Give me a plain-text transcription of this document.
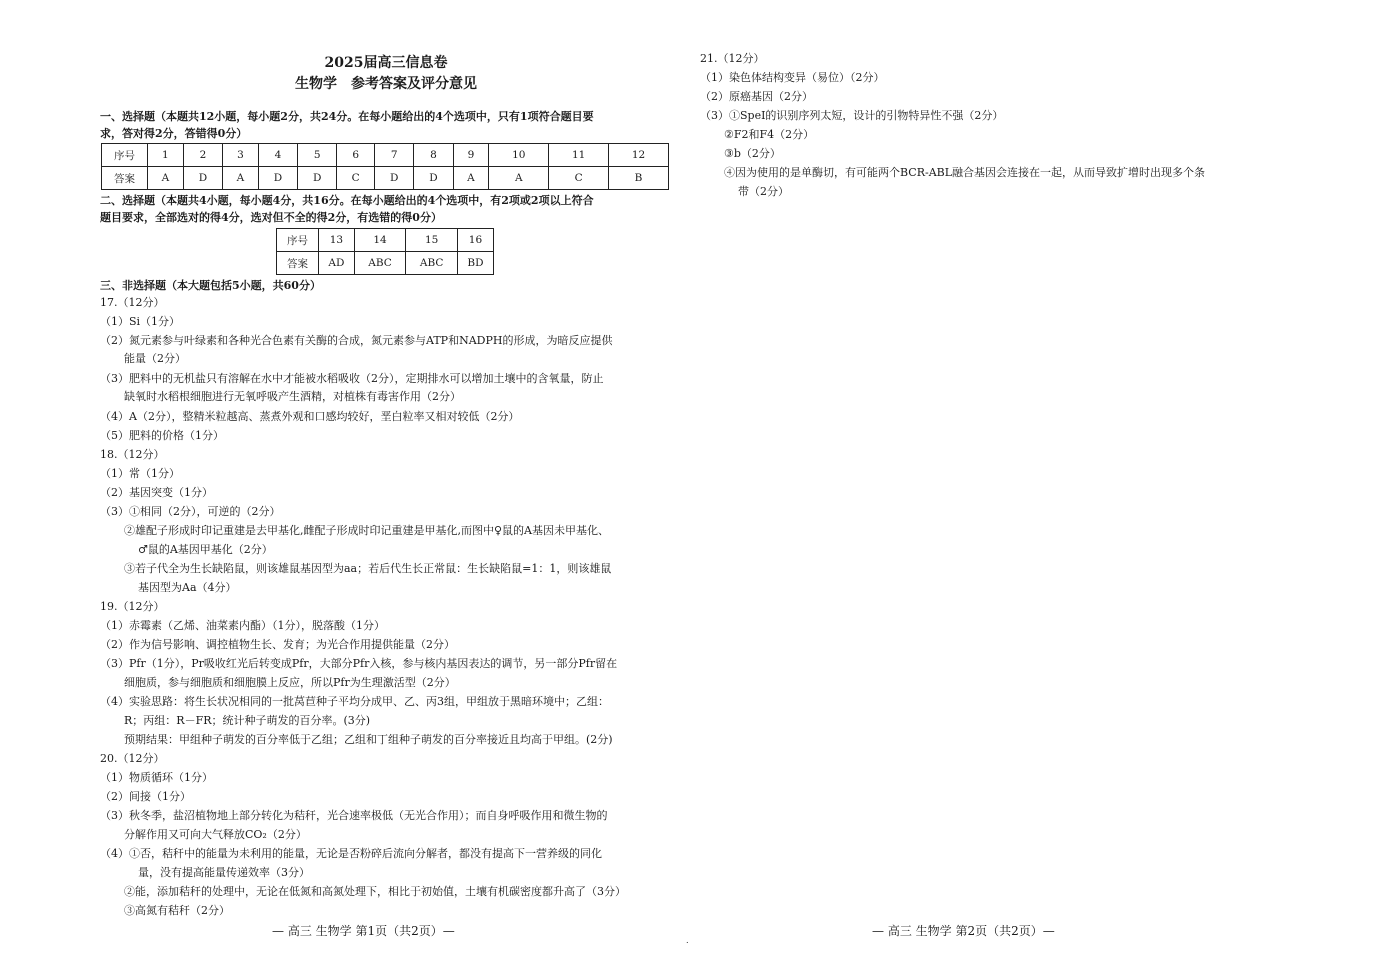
2025届高三信息卷
生物学　参考答案及评分意见
一、选择题（本题共12小题，每小题2分，共24分。在每小题给出的4个选项中，只有1项符合题目要
求，答对得2分，答错得0分）
序号	1	2	3	4	5	6	7	8	9	10	11	12
答案	A	D	A	D	D	C	D	D	A	A	C	B
二、选择题（本题共4小题，每小题4分，共16分。在每小题给出的4个选项中，有2项或2项以上符合
题目要求，全部选对的得4分，选对但不全的得2分，有选错的得0分）
序号	13	14	15	16
答案	AD	ABC	ABC	BD
三、非选择题（本大题包括5小题，共60分）
17.（12分）
（1）Si（1分）
（2）氮元素参与叶绿素和各种光合色素有关酶的合成，氮元素参与ATP和NADPH的形成，为暗反应提供
能量（2分）
（3）肥料中的无机盐只有溶解在水中才能被水稻吸收（2分），定期排水可以增加土壤中的含氧量，防止
缺氧时水稻根细胞进行无氧呼吸产生酒精，对植株有毒害作用（2分）
（4）A（2分），整精米粒越高、蒸煮外观和口感均较好，垩白粒率又相对较低（2分）
（5）肥料的价格（1分）
18.（12分）
（1）常（1分）
（2）基因突变（1分）
（3）①相同（2分），可逆的（2分）
②雄配子形成时印记重建是去甲基化,雌配子形成时印记重建是甲基化,而图中♀鼠的A基因未甲基化、
♂鼠的A基因甲基化（2分）
③若子代全为生长缺陷鼠，则该雄鼠基因型为aa；若后代生长正常鼠：生长缺陷鼠=1：1，则该雄鼠
基因型为Aa（4分）
19.（12分）
（1）赤霉素（乙烯、油菜素内酯）（1分），脱落酸（1分）
（2）作为信号影响、调控植物生长、发育；为光合作用提供能量（2分）
（3）Pfr（1分），Pr吸收红光后转变成Pfr，大部分Pfr入核，参与核内基因表达的调节，另一部分Pfr留在
细胞质，参与细胞质和细胞膜上反应，所以Pfr为生理激活型（2分）
（4）实验思路：将生长状况相同的一批莴苣种子平均分成甲、乙、丙3组，甲组放于黑暗环境中；乙组：
R；丙组：R－FR；统计种子萌发的百分率。(3分)
预期结果：甲组种子萌发的百分率低于乙组；乙组和丁组种子萌发的百分率接近且均高于甲组。(2分)
20.（12分）
（1）物质循环（1分）
（2）间接（1分）
（3）秋冬季，盐沼植物地上部分转化为秸秆，光合速率极低（无光合作用）；而自身呼吸作用和微生物的
分解作用又可向大气释放CO₂（2分）
（4）①否，秸秆中的能量为未利用的能量，无论是否粉碎后流向分解者，都没有提高下一营养级的同化
量，没有提高能量传递效率（3分）
②能，添加秸秆的处理中，无论在低氮和高氮处理下，相比于初始值，土壤有机碳密度都升高了（3分）
③高氮有秸秆（2分）
21.（12分）
（1）染色体结构变异（易位）（2分）
（2）原癌基因（2分）
（3）①SpeⅠ的识别序列太短，设计的引物特异性不强（2分）
②F2和F4（2分）
③b（2分）
④因为使用的是单酶切，有可能两个BCR-ABL融合基因会连接在一起，从而导致扩增时出现多个条
带（2分）
— 高三 生物学 第1页（共2页）—
.
— 高三 生物学 第2页（共2页）—
